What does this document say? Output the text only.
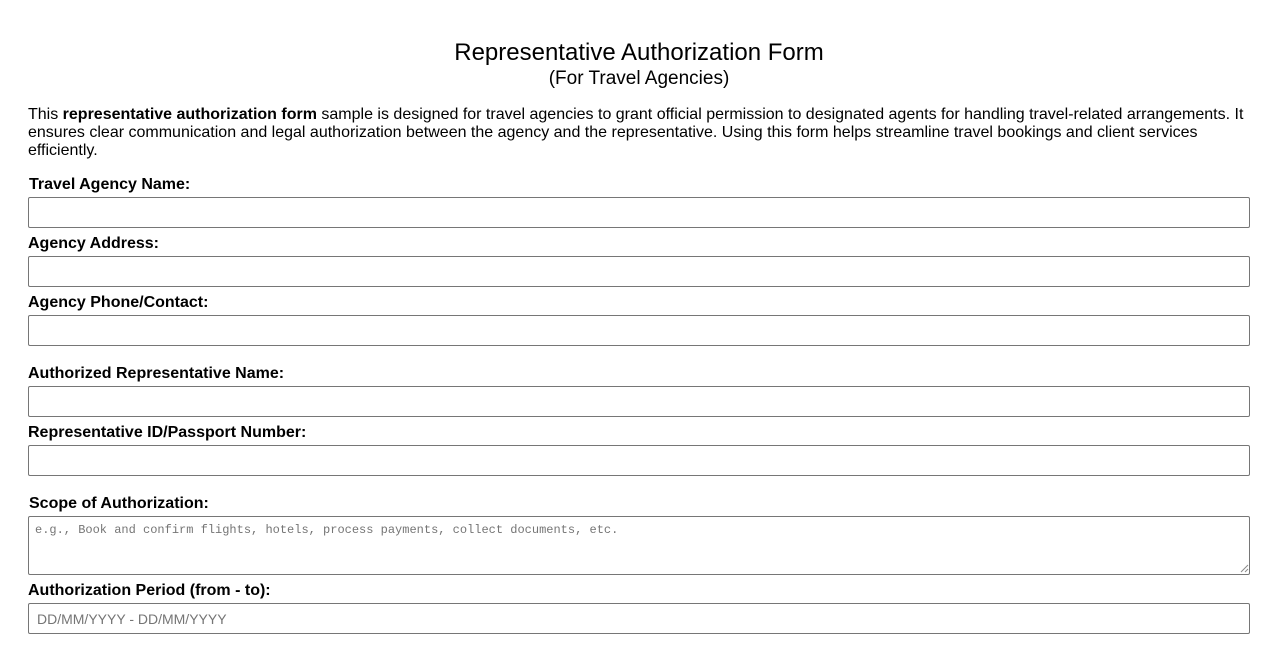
Representative Authorization Form
(For Travel Agencies)

This representative authorization form sample is designed for travel agencies to grant official permission to designated agents for handling travel-related arrangements. It ensures clear communication and legal authorization between the agency and the representative. Using this form helps streamline travel bookings and client services efficiently.

Travel Agency Name:
Agency Address:
Agency Phone/Contact:
Authorized Representative Name:
Representative ID/Passport Number:
Scope of Authorization:
e.g., Book and confirm flights, hotels, process payments, collect documents, etc.
Authorization Period (from - to):
DD/MM/YYYY - DD/MM/YYYY
